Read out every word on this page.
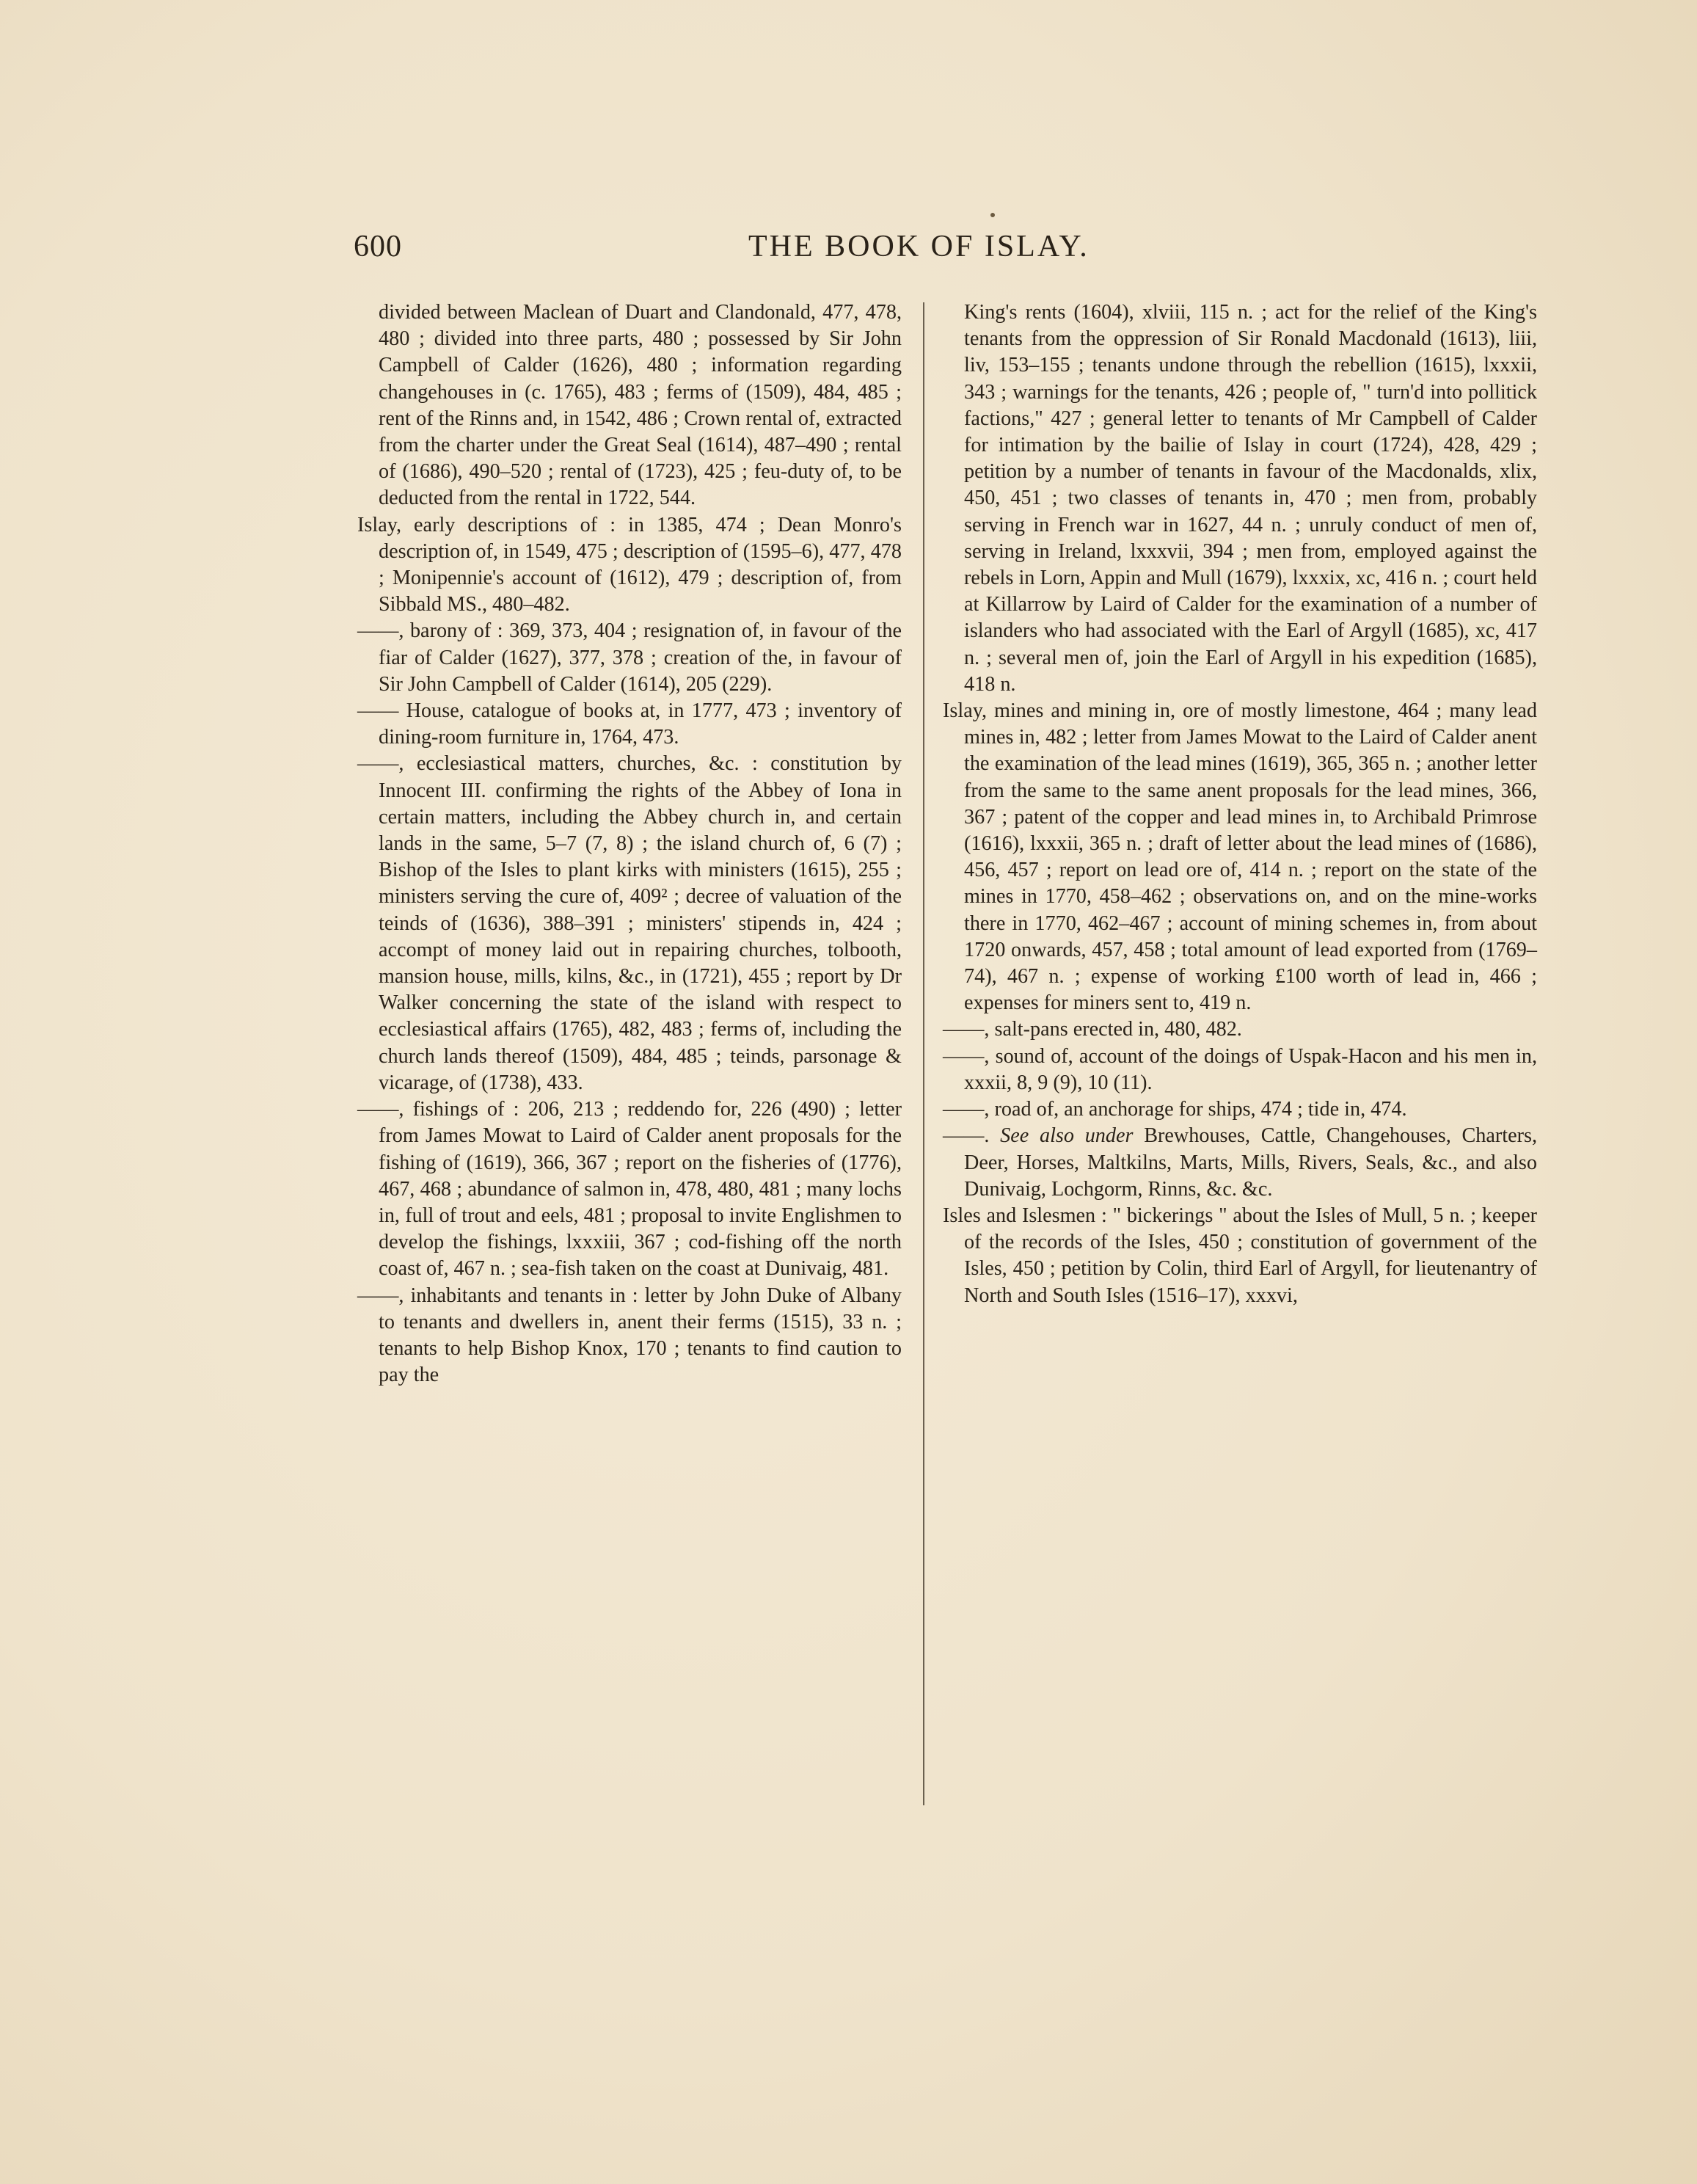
600	THE BOOK OF ISLAY.

divided between Maclean of Duart and Clandonald, 477, 478, 480 ; divided into three parts, 480 ; possessed by Sir John Campbell of Calder (1626), 480 ; information regarding changehouses in (c. 1765), 483 ; ferms of (1509), 484, 485 ; rent of the Rinns and, in 1542, 486 ; Crown rental of, extracted from the charter under the Great Seal (1614), 487–490 ; rental of (1686), 490–520 ; rental of (1723), 425 ; feu-duty of, to be deducted from the rental in 1722, 544.

Islay, early descriptions of : in 1385, 474 ; Dean Monro's description of, in 1549, 475 ; description of (1595–6), 477, 478 ; Monipennie's account of (1612), 479 ; description of, from Sibbald MS., 480–482.

——, barony of : 369, 373, 404 ; resignation of, in favour of the fiar of Calder (1627), 377, 378 ; creation of the, in favour of Sir John Campbell of Calder (1614), 205 (229).

—— House, catalogue of books at, in 1777, 473 ; inventory of dining-room furniture in, 1764, 473.

——, ecclesiastical matters, churches, &c. : constitution by Innocent III. confirming the rights of the Abbey of Iona in certain matters, including the Abbey church in, and certain lands in the same, 5–7 (7, 8) ; the island church of, 6 (7) ; Bishop of the Isles to plant kirks with ministers (1615), 255 ; ministers serving the cure of, 409² ; decree of valuation of the teinds of (1636), 388–391 ; ministers' stipends in, 424 ; accompt of money laid out in repairing churches, tolbooth, mansion house, mills, kilns, &c., in (1721), 455 ; report by Dr Walker concerning the state of the island with respect to ecclesiastical affairs (1765), 482, 483 ; ferms of, including the church lands thereof (1509), 484, 485 ; teinds, parsonage & vicarage, of (1738), 433.

——, fishings of : 206, 213 ; reddendo for, 226 (490) ; letter from James Mowat to Laird of Calder anent proposals for the fishing of (1619), 366, 367 ; report on the fisheries of (1776), 467, 468 ; abundance of salmon in, 478, 480, 481 ; many lochs in, full of trout and eels, 481 ; proposal to invite Englishmen to develop the fishings, lxxxiii, 367 ; cod-fishing off the north coast of, 467 n. ; sea-fish taken on the coast at Dunivaig, 481.

——, inhabitants and tenants in : letter by John Duke of Albany to tenants and dwellers in, anent their ferms (1515), 33 n. ; tenants to help Bishop Knox, 170 ; tenants to find caution to pay the

King's rents (1604), xlviii, 115 n. ; act for the relief of the King's tenants from the oppression of Sir Ronald Macdonald (1613), liii, liv, 153–155 ; tenants undone through the rebellion (1615), lxxxii, 343 ; warnings for the tenants, 426 ; people of, " turn'd into pollitick factions," 427 ; general letter to tenants of Mr Campbell of Calder for intimation by the bailie of Islay in court (1724), 428, 429 ; petition by a number of tenants in favour of the Macdonalds, xlix, 450, 451 ; two classes of tenants in, 470 ; men from, probably serving in French war in 1627, 44 n. ; unruly conduct of men of, serving in Ireland, lxxxvii, 394 ; men from, employed against the rebels in Lorn, Appin and Mull (1679), lxxxix, xc, 416 n. ; court held at Killarrow by Laird of Calder for the examination of a number of islanders who had associated with the Earl of Argyll (1685), xc, 417 n. ; several men of, join the Earl of Argyll in his expedition (1685), 418 n.

Islay, mines and mining in, ore of mostly limestone, 464 ; many lead mines in, 482 ; letter from James Mowat to the Laird of Calder anent the examination of the lead mines (1619), 365, 365 n. ; another letter from the same to the same anent proposals for the lead mines, 366, 367 ; patent of the copper and lead mines in, to Archibald Primrose (1616), lxxxii, 365 n. ; draft of letter about the lead mines of (1686), 456, 457 ; report on lead ore of, 414 n. ; report on the state of the mines in 1770, 458–462 ; observations on, and on the mine-works there in 1770, 462–467 ; account of mining schemes in, from about 1720 onwards, 457, 458 ; total amount of lead exported from (1769–74), 467 n. ; expense of working £100 worth of lead in, 466 ; expenses for miners sent to, 419 n.

——, salt-pans erected in, 480, 482.

——, sound of, account of the doings of Uspak-Hacon and his men in, xxxii, 8, 9 (9), 10 (11).

——, road of, an anchorage for ships, 474 ; tide in, 474.

——. See also under Brewhouses, Cattle, Changehouses, Charters, Deer, Horses, Maltkilns, Marts, Mills, Rivers, Seals, &c., and also Dunivaig, Lochgorm, Rinns, &c. &c.

Isles and Islesmen : " bickerings " about the Isles of Mull, 5 n. ; keeper of the records of the Isles, 450 ; constitution of government of the Isles, 450 ; petition by Colin, third Earl of Argyll, for lieutenantry of North and South Isles (1516–17), xxxvi,
